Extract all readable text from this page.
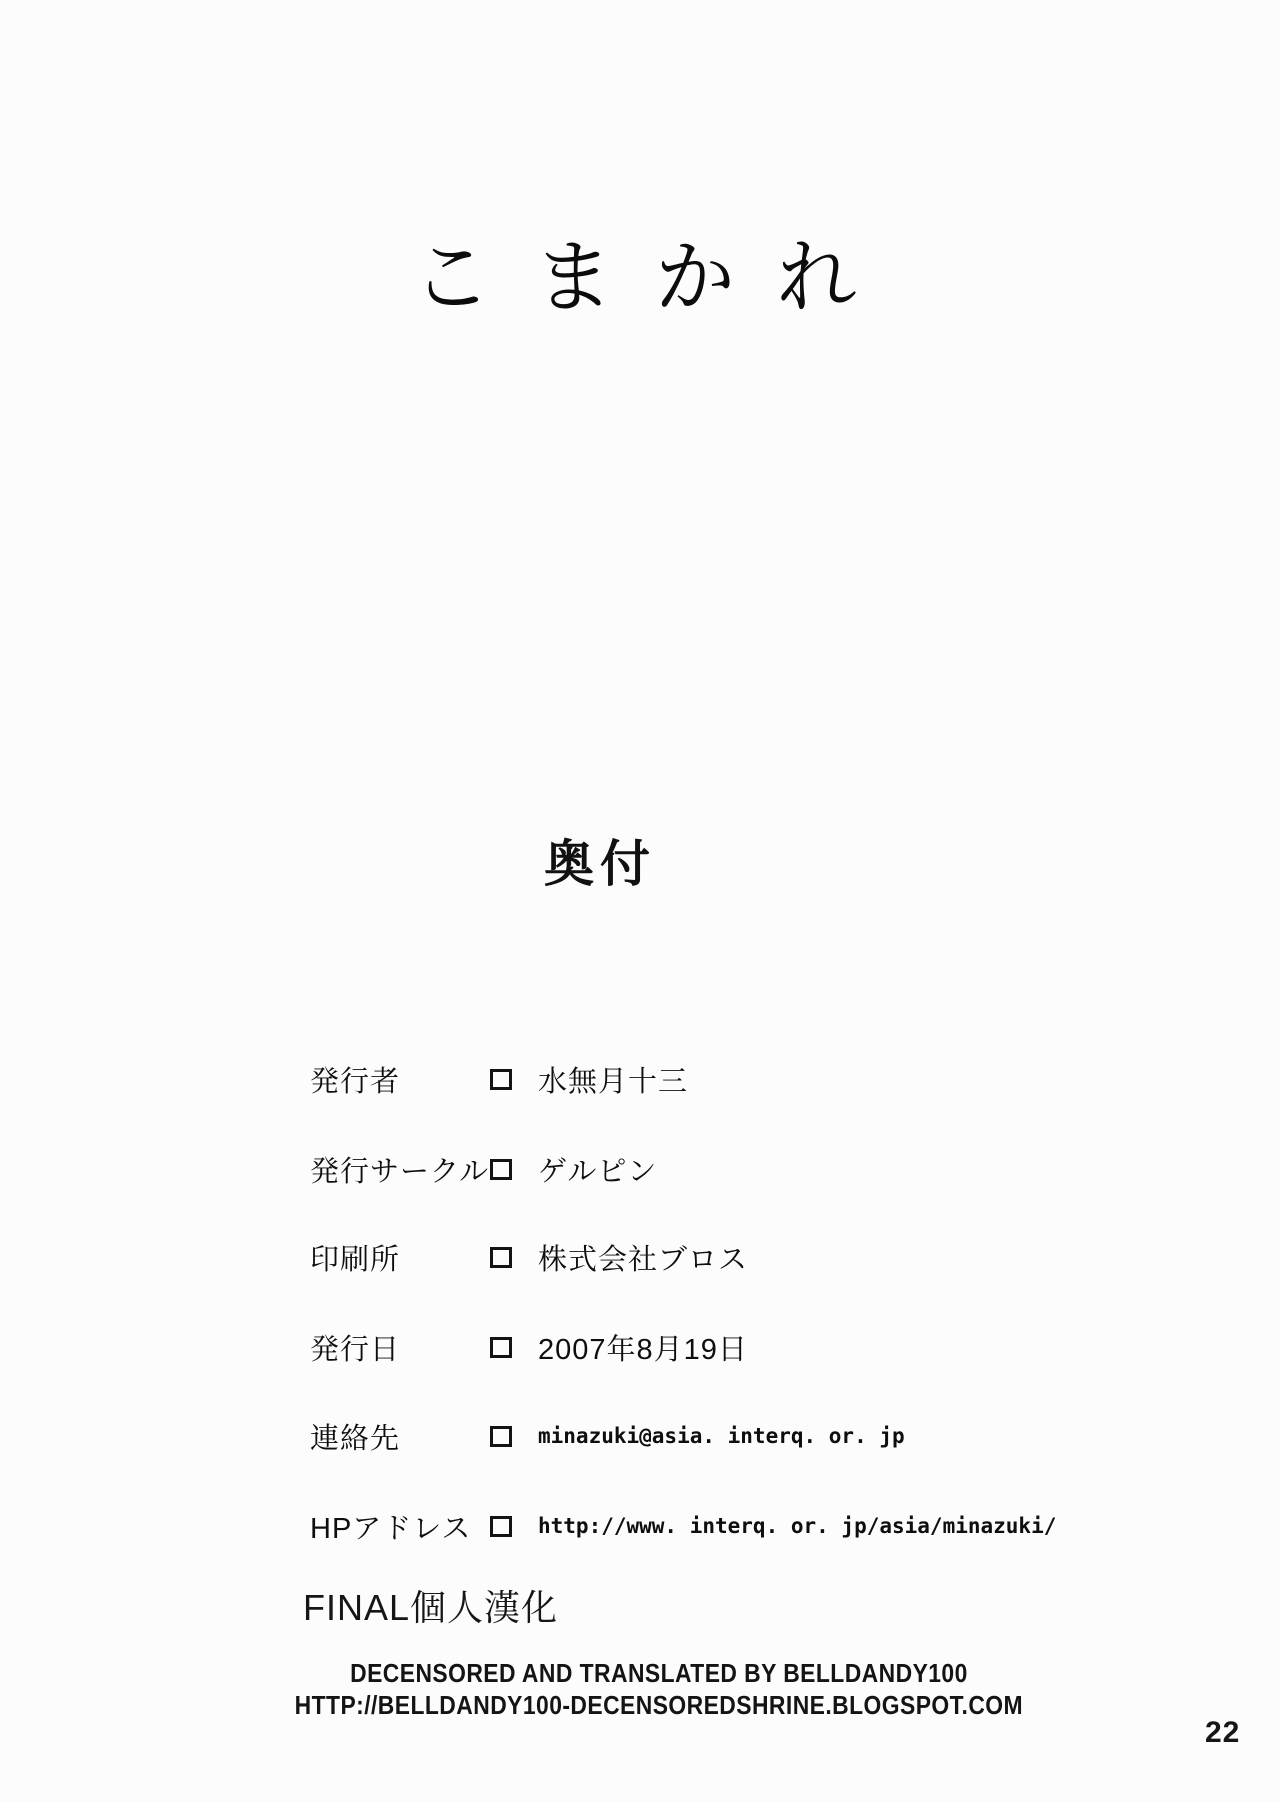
こまかれ
奥付
発行者	水無月十三
発行サークル ゲルピン
印刷所	株式会社ブロス
発行日	2007年8月19日
連絡先	minazuki@asia. interq. or. jp
HPアドレス	http://www. interq. or. jp/asia/minazuki/
FINAL個人漢化
DECENSORED AND TRANSLATED BY BELLDANDY100
HTTP://BELLDANDY100-DECENSOREDSHRINE.BLOGSPOT.COM
22
